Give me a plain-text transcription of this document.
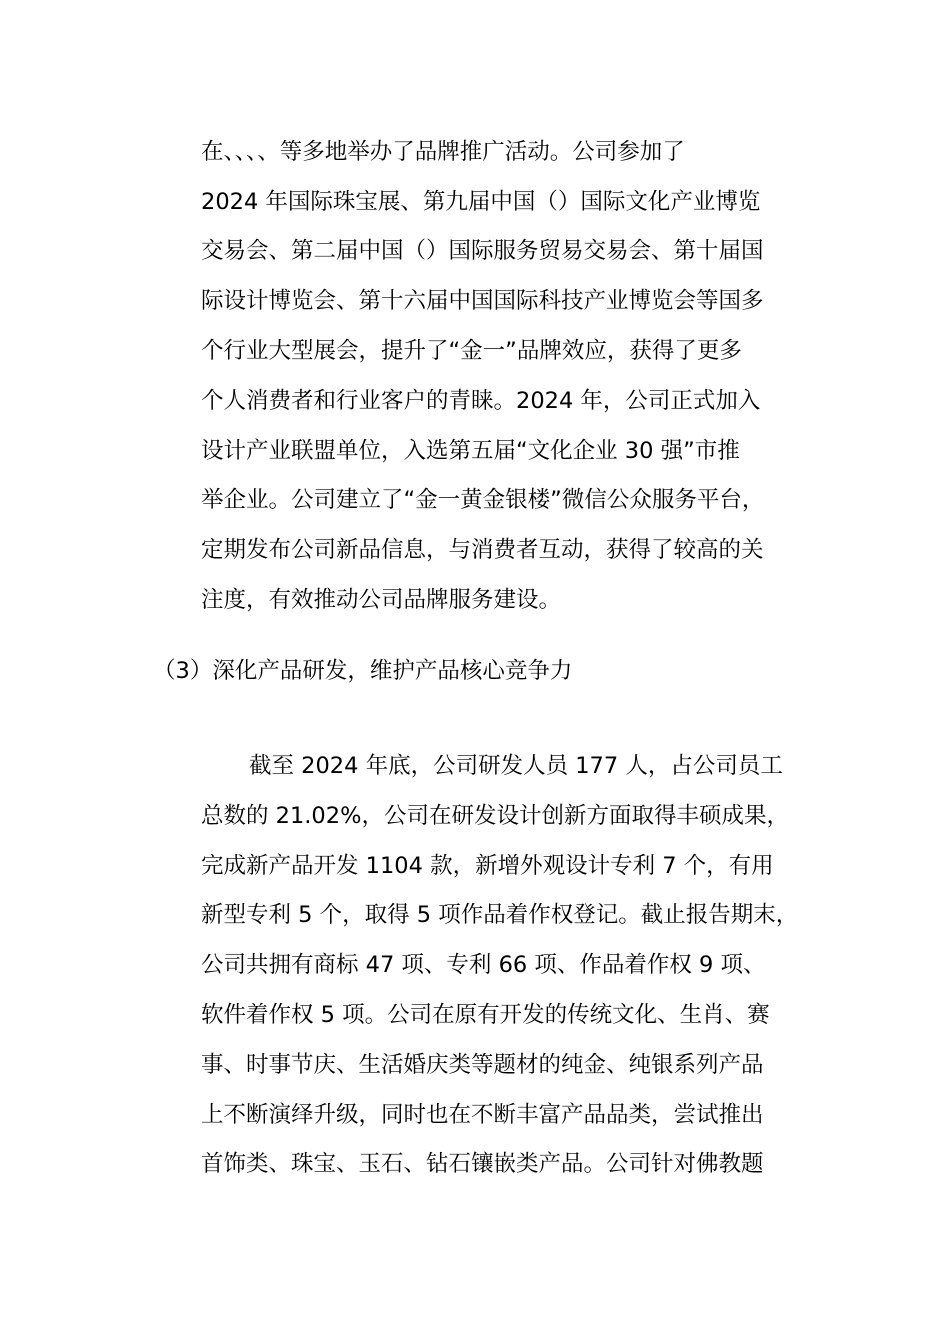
在、、、、等多地举办了品牌推广活动。公司参加了
2024 年国际珠宝展、第九届中国（）国际文化产业博览
交易会、第二届中国（）国际服务贸易交易会、第十届国
际设计博览会、第十六届中国国际科技产业博览会等国多
个行业大型展会，提升了“金一”品牌效应，获得了更多
个人消费者和行业客户的青睐。2024 年，公司正式加入
设计产业联盟单位，入选第五届“文化企业 30 强”市推
举企业。公司建立了“金一黄金银楼”微信公众服务平台，
定期发布公司新品信息，与消费者互动，获得了较高的关
注度，有效推动公司品牌服务建设。
（3）深化产品研发，维护产品核心竞争力
截至 2024 年底，公司研发人员 177 人，占公司员工
总数的 21.02%，公司在研发设计创新方面取得丰硕成果，
完成新产品开发 1104 款，新增外观设计专利 7 个，有用
新型专利 5 个，取得 5 项作品着作权登记。截止报告期末，
公司共拥有商标 47 项、专利 66 项、作品着作权 9 项、
软件着作权 5 项。公司在原有开发的传统文化、生肖、赛
事、时事节庆、生活婚庆类等题材的纯金、纯银系列产品
上不断演绎升级，同时也在不断丰富产品品类，尝试推出
首饰类、珠宝、玉石、钻石镶嵌类产品。公司针对佛教题
